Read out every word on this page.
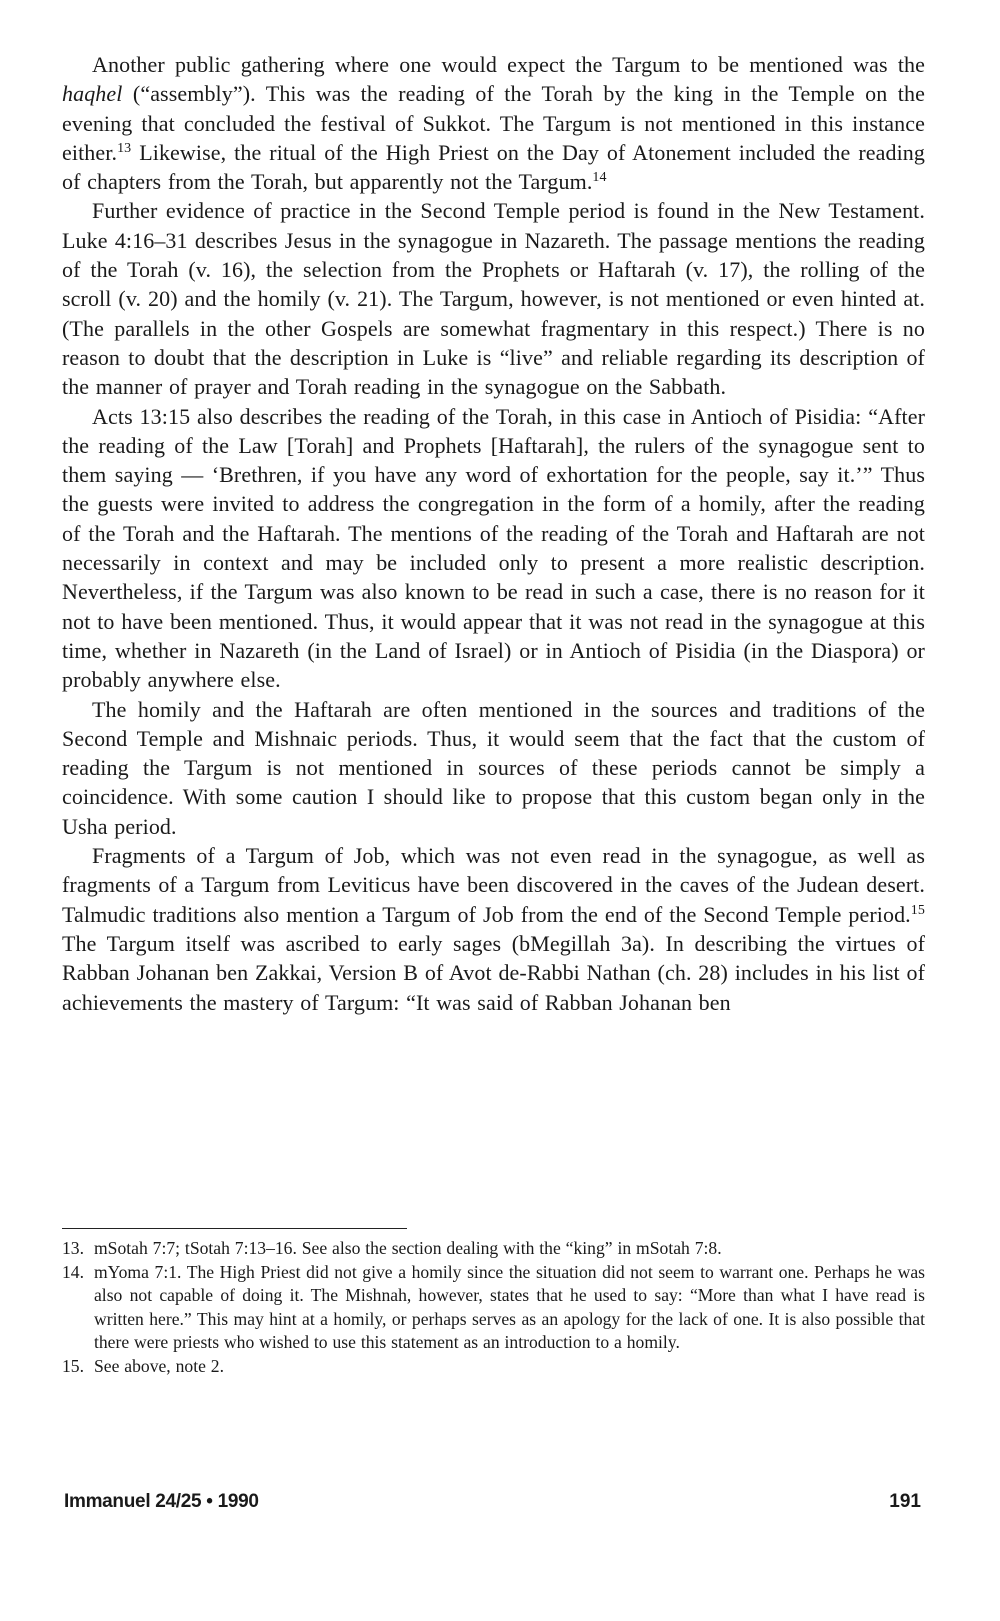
Another public gathering where one would expect the Targum to be mentioned was the haqhel (“assembly”). This was the reading of the Torah by the king in the Temple on the evening that concluded the festival of Sukkot. The Targum is not mentioned in this instance either.$^{13}$ Likewise, the ritual of the High Priest on the Day of Atonement included the reading of chapters from the Torah, but apparently not the Targum.$^{14}$

Further evidence of practice in the Second Temple period is found in the New Testament. Luke 4:16–31 describes Jesus in the synagogue in Nazareth. The passage mentions the reading of the Torah (v. 16), the selection from the Prophets or Haftarah (v. 17), the rolling of the scroll (v. 20) and the homily (v. 21). The Targum, however, is not mentioned or even hinted at. (The parallels in the other Gospels are somewhat fragmentary in this respect.) There is no reason to doubt that the description in Luke is “live” and reliable regarding its description of the manner of prayer and Torah reading in the synagogue on the Sabbath.

Acts 13:15 also describes the reading of the Torah, in this case in Antioch of Pisidia: “After the reading of the Law [Torah] and Prophets [Haftarah], the rulers of the synagogue sent to them saying — ‘Brethren, if you have any word of exhortation for the people, say it.’” Thus the guests were invited to address the congregation in the form of a homily, after the reading of the Torah and the Haftarah. The mentions of the reading of the Torah and Haftarah are not necessarily in context and may be included only to present a more realistic description. Nevertheless, if the Targum was also known to be read in such a case, there is no reason for it not to have been mentioned. Thus, it would appear that it was not read in the synagogue at this time, whether in Nazareth (in the Land of Israel) or in Antioch of Pisidia (in the Diaspora) or probably anywhere else.

The homily and the Haftarah are often mentioned in the sources and traditions of the Second Temple and Mishnaic periods. Thus, it would seem that the fact that the custom of reading the Targum is not mentioned in sources of these periods cannot be simply a coincidence. With some caution I should like to propose that this custom began only in the Usha period.

Fragments of a Targum of Job, which was not even read in the synagogue, as well as fragments of a Targum from Leviticus have been discovered in the caves of the Judean desert. Talmudic traditions also mention a Targum of Job from the end of the Second Temple period.$^{15}$ The Targum itself was ascribed to early sages (bMegillah 3a). In describing the virtues of Rabban Johanan ben Zakkai, Version B of Avot de-Rabbi Nathan (ch. 28) includes in his list of achievements the mastery of Targum: “It was said of Rabban Johanan ben

13. mSotah 7:7; tSotah 7:13–16. See also the section dealing with the “king” in mSotah 7:8.
14. mYoma 7:1. The High Priest did not give a homily since the situation did not seem to warrant one. Perhaps he was also not capable of doing it. The Mishnah, however, states that he used to say: “More than what I have read is written here.” This may hint at a homily, or perhaps serves as an apology for the lack of one. It is also possible that there were priests who wished to use this statement as an introduction to a homily.
15. See above, note 2.
Immanuel 24/25 • 1990	191
